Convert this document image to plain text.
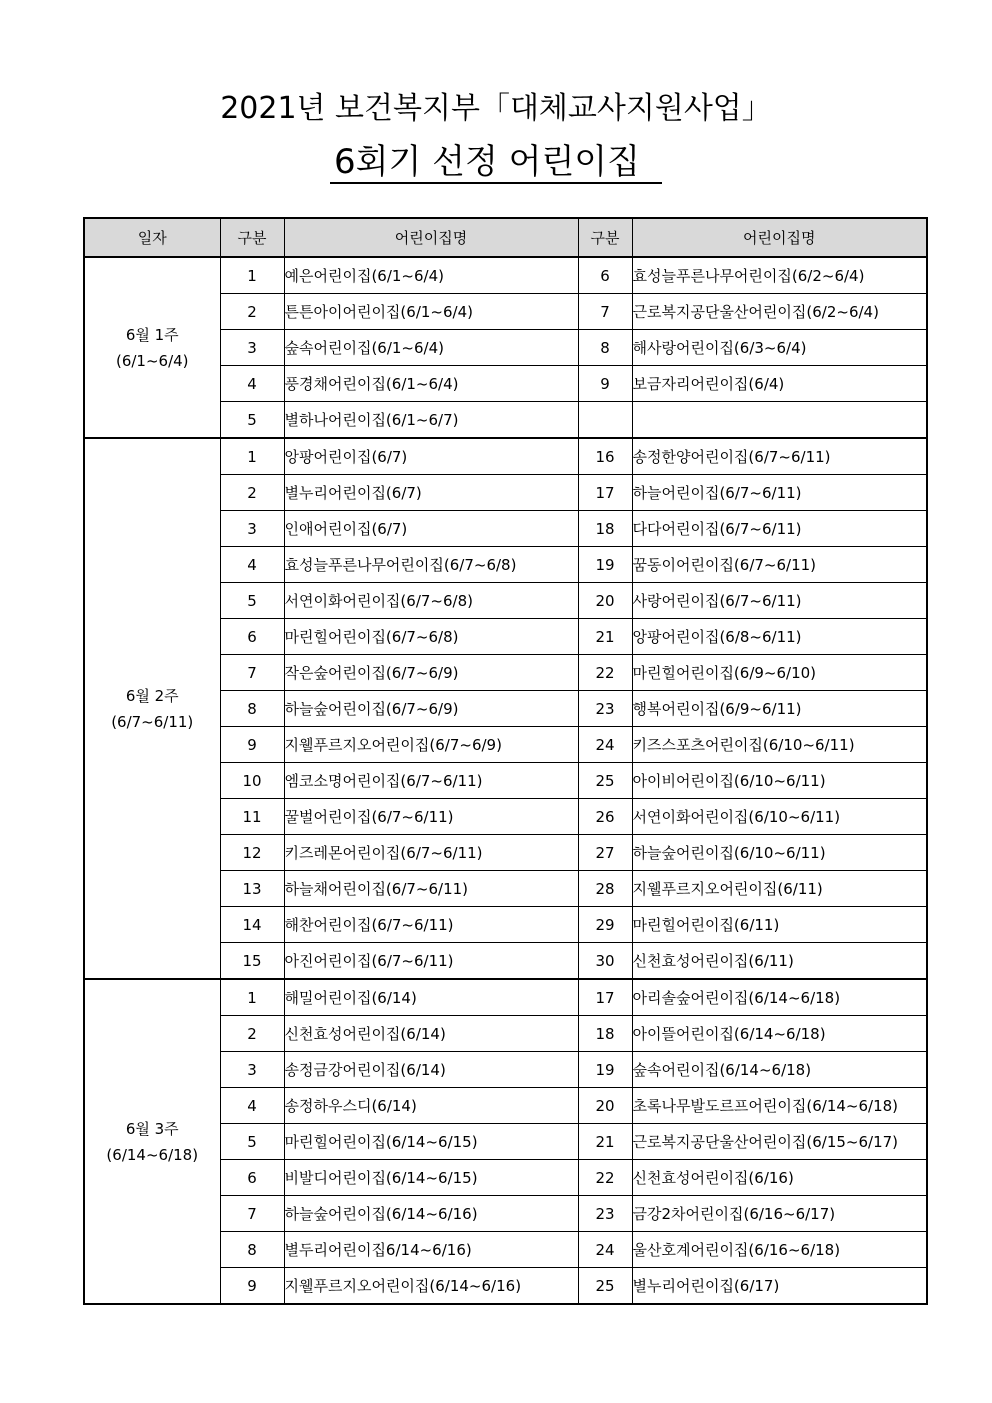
2021년 보건복지부「대체교사지원사업」
6회기 선정 어린이집
일자	구분	어린이집명	구분	어린이집명

6월 1주
(6/1~6/4)	1	예은어린이집(6/1~6/4)	6	효성늘푸른나무어린이집(6/2~6/4)
	2	튼튼아이어린이집(6/1~6/4)	7	근로복지공단울산어린이집(6/2~6/4)
	3	숲속어린이집(6/1~6/4)	8	해사랑어린이집(6/3~6/4)
	4	풍경채어린이집(6/1~6/4)	9	보금자리어린이집(6/4)
	5	별하나어린이집(6/1~6/7)		

6월 2주
(6/7~6/11)	1	앙팡어린이집(6/7)	16	송정한양어린이집(6/7~6/11)
	2	별누리어린이집(6/7)	17	하늘어린이집(6/7~6/11)
	3	인애어린이집(6/7)	18	다다어린이집(6/7~6/11)
	4	효성늘푸른나무어린이집(6/7~6/8)	19	꿈동이어린이집(6/7~6/11)
	5	서연이화어린이집(6/7~6/8)	20	사랑어린이집(6/7~6/11)
	6	마린힐어린이집(6/7~6/8)	21	앙팡어린이집(6/8~6/11)
	7	작은숲어린이집(6/7~6/9)	22	마린힐어린이집(6/9~6/10)
	8	하늘숲어린이집(6/7~6/9)	23	행복어린이집(6/9~6/11)
	9	지웰푸르지오어린이집(6/7~6/9)	24	키즈스포츠어린이집(6/10~6/11)
	10	엠코소명어린이집(6/7~6/11)	25	아이비어린이집(6/10~6/11)
	11	꿀벌어린이집(6/7~6/11)	26	서연이화어린이집(6/10~6/11)
	12	키즈레몬어린이집(6/7~6/11)	27	하늘숲어린이집(6/10~6/11)
	13	하늘채어린이집(6/7~6/11)	28	지웰푸르지오어린이집(6/11)
	14	해찬어린이집(6/7~6/11)	29	마린힐어린이집(6/11)
	15	아진어린이집(6/7~6/11)	30	신천효성어린이집(6/11)

6월 3주
(6/14~6/18)	1	해밀어린이집(6/14)	17	아리솔숲어린이집(6/14~6/18)
	2	신천효성어린이집(6/14)	18	아이뜰어린이집(6/14~6/18)
	3	송정금강어린이집(6/14)	19	숲속어린이집(6/14~6/18)
	4	송정하우스디(6/14)	20	초록나무발도르프어린이집(6/14~6/18)
	5	마린힐어린이집(6/14~6/15)	21	근로복지공단울산어린이집(6/15~6/17)
	6	비발디어린이집(6/14~6/15)	22	신천효성어린이집(6/16)
	7	하늘숲어린이집(6/14~6/16)	23	금강2차어린이집(6/16~6/17)
	8	별두리어린이집6/14~6/16)	24	울산호계어린이집(6/16~6/18)
	9	지웰푸르지오어린이집(6/14~6/16)	25	별누리어린이집(6/17)
